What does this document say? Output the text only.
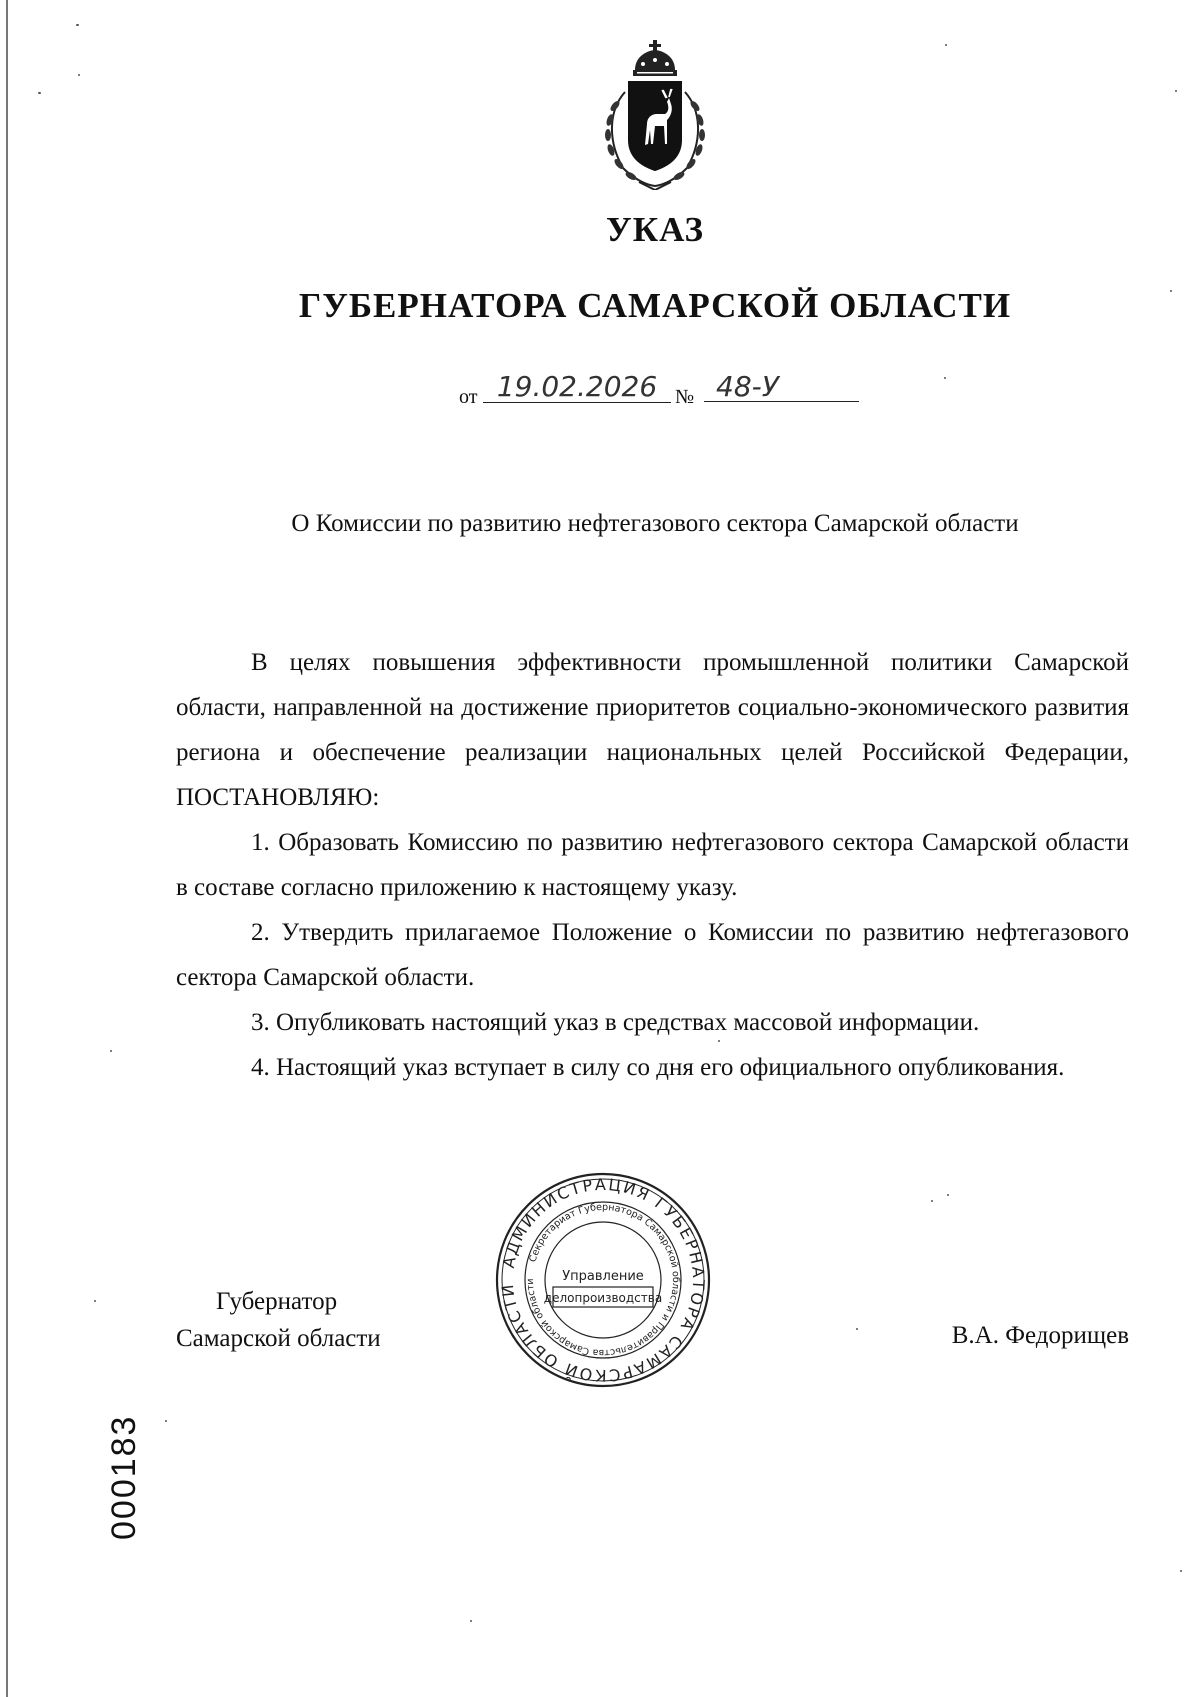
УКАЗ
ГУБЕРНАТОРА САМАРСКОЙ ОБЛАСТИ
от 19.02.2026 № 48-У
О Комиссии по развитию нефтегазового сектора Самарской области

В целях повышения эффективности промышленной политики Самарской области, направленной на достижение приоритетов социально-экономического развития региона и обеспечение реализации национальных целей Российской Федерации, ПОСТАНОВЛЯЮ:

1. Образовать Комиссию по развитию нефтегазового сектора Самарской области в составе согласно приложению к настоящему указу.

2. Утвердить прилагаемое Положение о Комиссии по развитию нефтегазового сектора Самарской области.

3. Опубликовать настоящий указ в средствах массовой информации.

4. Настоящий указ вступает в силу со дня его официального опубликования.

Губернатор
Самарской области	В.А. Федорищев
АДМИНИСТРАЦИЯ ГУБЕРНАТОРА САМАРСКОЙ ОБЛАСТИ
Секретариат Губернатора Самарской области и Правительства Самарской области	Управление
делопроизводства
000183
